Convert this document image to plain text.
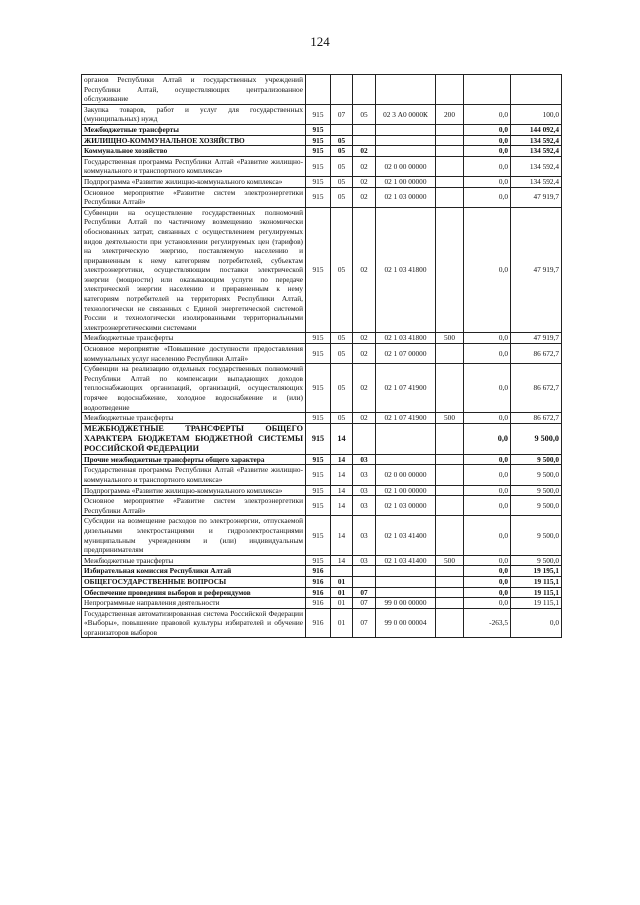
124
органов Республики Алтай и государственных учреждений Республики Алтай, осуществляющих централизованное обслуживание							
Закупка товаров, работ и услуг для государственных (муниципальных) нужд	915	07	05	02 3 А0 0000К	200	0,0	100,0
Межбюджетные трансферты	915					0,0	144 092,4
ЖИЛИЩНО-КОММУНАЛЬНОЕ ХОЗЯЙСТВО	915	05				0,0	134 592,4
Коммунальное хозяйство	915	05	02			0,0	134 592,4
Государственная программа Республики Алтай «Развитие жилищно-коммунального и транспортного комплекса»	915	05	02	02 0 00 00000		0,0	134 592,4
Подпрограмма «Развитие жилищно-коммунального комплекса»	915	05	02	02 1 00 00000		0,0	134 592,4
Основное мероприятие «Развитие систем электроэнергетики Республики Алтай»	915	05	02	02 1 03 00000		0,0	47 919,7
Субвенции на осуществление государственных полномочий Республики Алтай по частичному возмещению экономически обоснованных затрат, связанных с осуществлением регулируемых видов деятельности при установлении регулируемых цен (тарифов) на электрическую энергию, поставляемую населению и приравненным к нему категориям потребителей, субъектам электроэнергетики, осуществляющим поставки электрической энергии (мощности) или оказывающим услуги по передаче электрической энергии населению и приравненным к нему категориям потребителей на территориях Республики Алтай, технологически не связанных с Единой энергетической системой России и технологически изолированными территориальными электроэнергетическими системами	915	05	02	02 1 03 41800		0,0	47 919,7
Межбюджетные трансферты	915	05	02	02 1 03 41800	500	0,0	47 919,7
Основное мероприятие «Повышение доступности предоставления коммунальных услуг населению Республики Алтай»	915	05	02	02 1 07 00000		0,0	86 672,7
Субвенции на реализацию отдельных государственных полномочий Республики Алтай по компенсации выпадающих доходов теплоснабжающих организаций, организаций, осуществляющих горячее водоснабжение, холодное водоснабжение и (или) водоотведение	915	05	02	02 1 07 41900		0,0	86 672,7
Межбюджетные трансферты	915	05	02	02 1 07 41900	500	0,0	86 672,7
МЕЖБЮДЖЕТНЫЕ ТРАНСФЕРТЫ ОБЩЕГО ХАРАКТЕРА БЮДЖЕТАМ БЮДЖЕТНОЙ СИСТЕМЫ РОССИЙСКОЙ ФЕДЕРАЦИИ	915	14				0,0	9 500,0
Прочие межбюджетные трансферты общего характера	915	14	03			0,0	9 500,0
Государственная программа Республики Алтай «Развитие жилищно-коммунального и транспортного комплекса»	915	14	03	02 0 00 00000		0,0	9 500,0
Подпрограмма «Развитие жилищно-коммунального комплекса»	915	14	03	02 1 00 00000		0,0	9 500,0
Основное мероприятие «Развитие систем электроэнергетики Республики Алтай»	915	14	03	02 1 03 00000		0,0	9 500,0
Субсидии на возмещение расходов по электроэнергии, отпускаемой дизельными электростанциями и гидроэлектростанциями муниципальным учреждениям и (или) индивидуальным предпринимателям	915	14	03	02 1 03 41400		0,0	9 500,0
Межбюджетные трансферты	915	14	03	02 1 03 41400	500	0,0	9 500,0
Избирательная комиссия Республики Алтай	916					0,0	19 195,1
ОБЩЕГОСУДАРСТВЕННЫЕ ВОПРОСЫ	916	01				0,0	19 115,1
Обеспечение проведения выборов и референдумов	916	01	07			0,0	19 115,1
Непрограммные направления деятельности	916	01	07	99 0 00 00000		0,0	19 115,1
Государственная автоматизированная система Российской Федерации «Выборы», повышение правовой культуры избирателей и обучение организаторов выборов	916	01	07	99 0 00 00004		-263,5	0,0
